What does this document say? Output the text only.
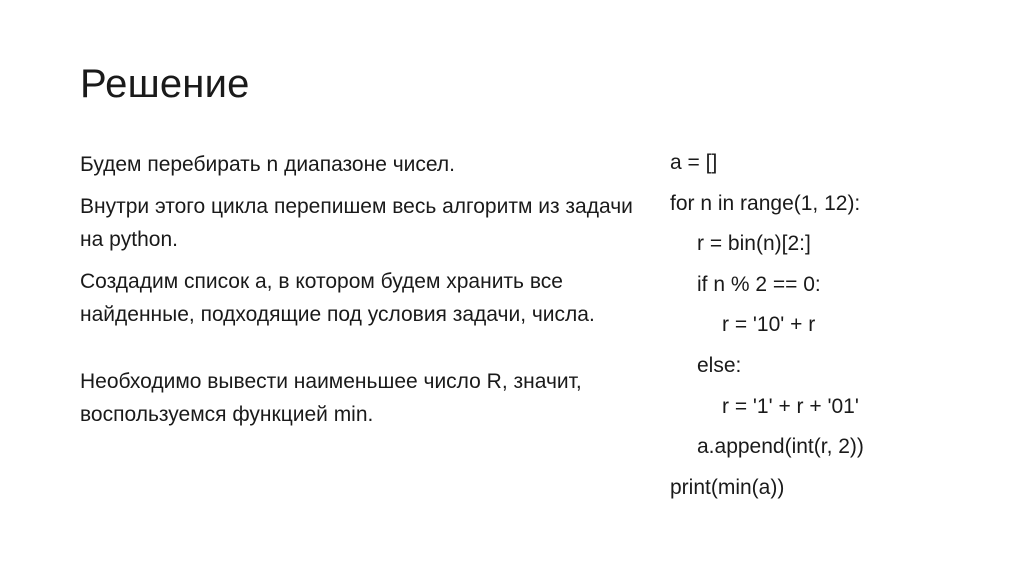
Решение

Будем перебирать n диапазоне чисел.

Внутри этого цикла перепишем весь алгоритм из задачи на python.

Создадим список а, в котором будем хранить все найденные, подходящие под условия задачи, числа.

Необходимо вывести наименьшее число R, значит, воспользуемся функцией min.

a = []
for n in range(1, 12):
r = bin(n)[2:]
if n % 2 == 0:
r = '10' + r
else:
r = '1' + r + '01'
a.append(int(r, 2))
print(min(a))
